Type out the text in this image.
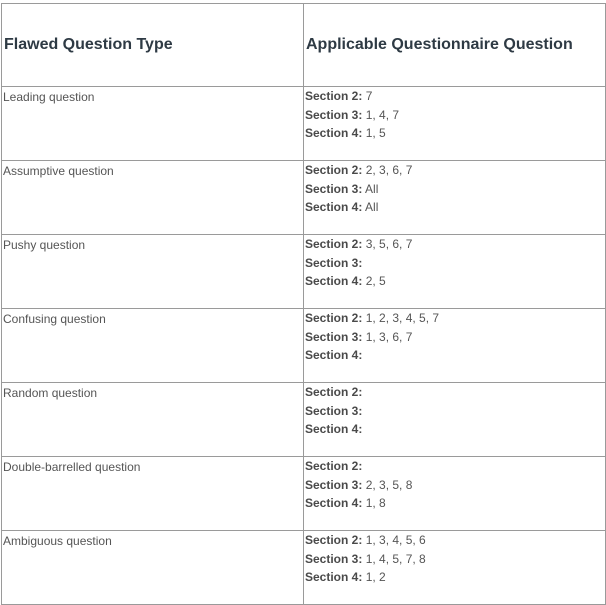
Flawed Question Type	Applicable Questionnaire Question

Leading question	Section 2: 7
Section 3: 1, 4, 7
Section 4: 1, 5

Assumptive question	Section 2: 2, 3, 6, 7
Section 3: All
Section 4: All

Pushy question	Section 2: 3, 5, 6, 7
Section 3:
Section 4: 2, 5

Confusing question	Section 2: 1, 2, 3, 4, 5, 7
Section 3: 1, 3, 6, 7
Section 4:

Random question	Section 2:
Section 3:
Section 4:

Double-barrelled question	Section 2:
Section 3: 2, 3, 5, 8
Section 4: 1, 8

Ambiguous question	Section 2: 1, 3, 4, 5, 6
Section 3: 1, 4, 5, 7, 8
Section 4: 1, 2
